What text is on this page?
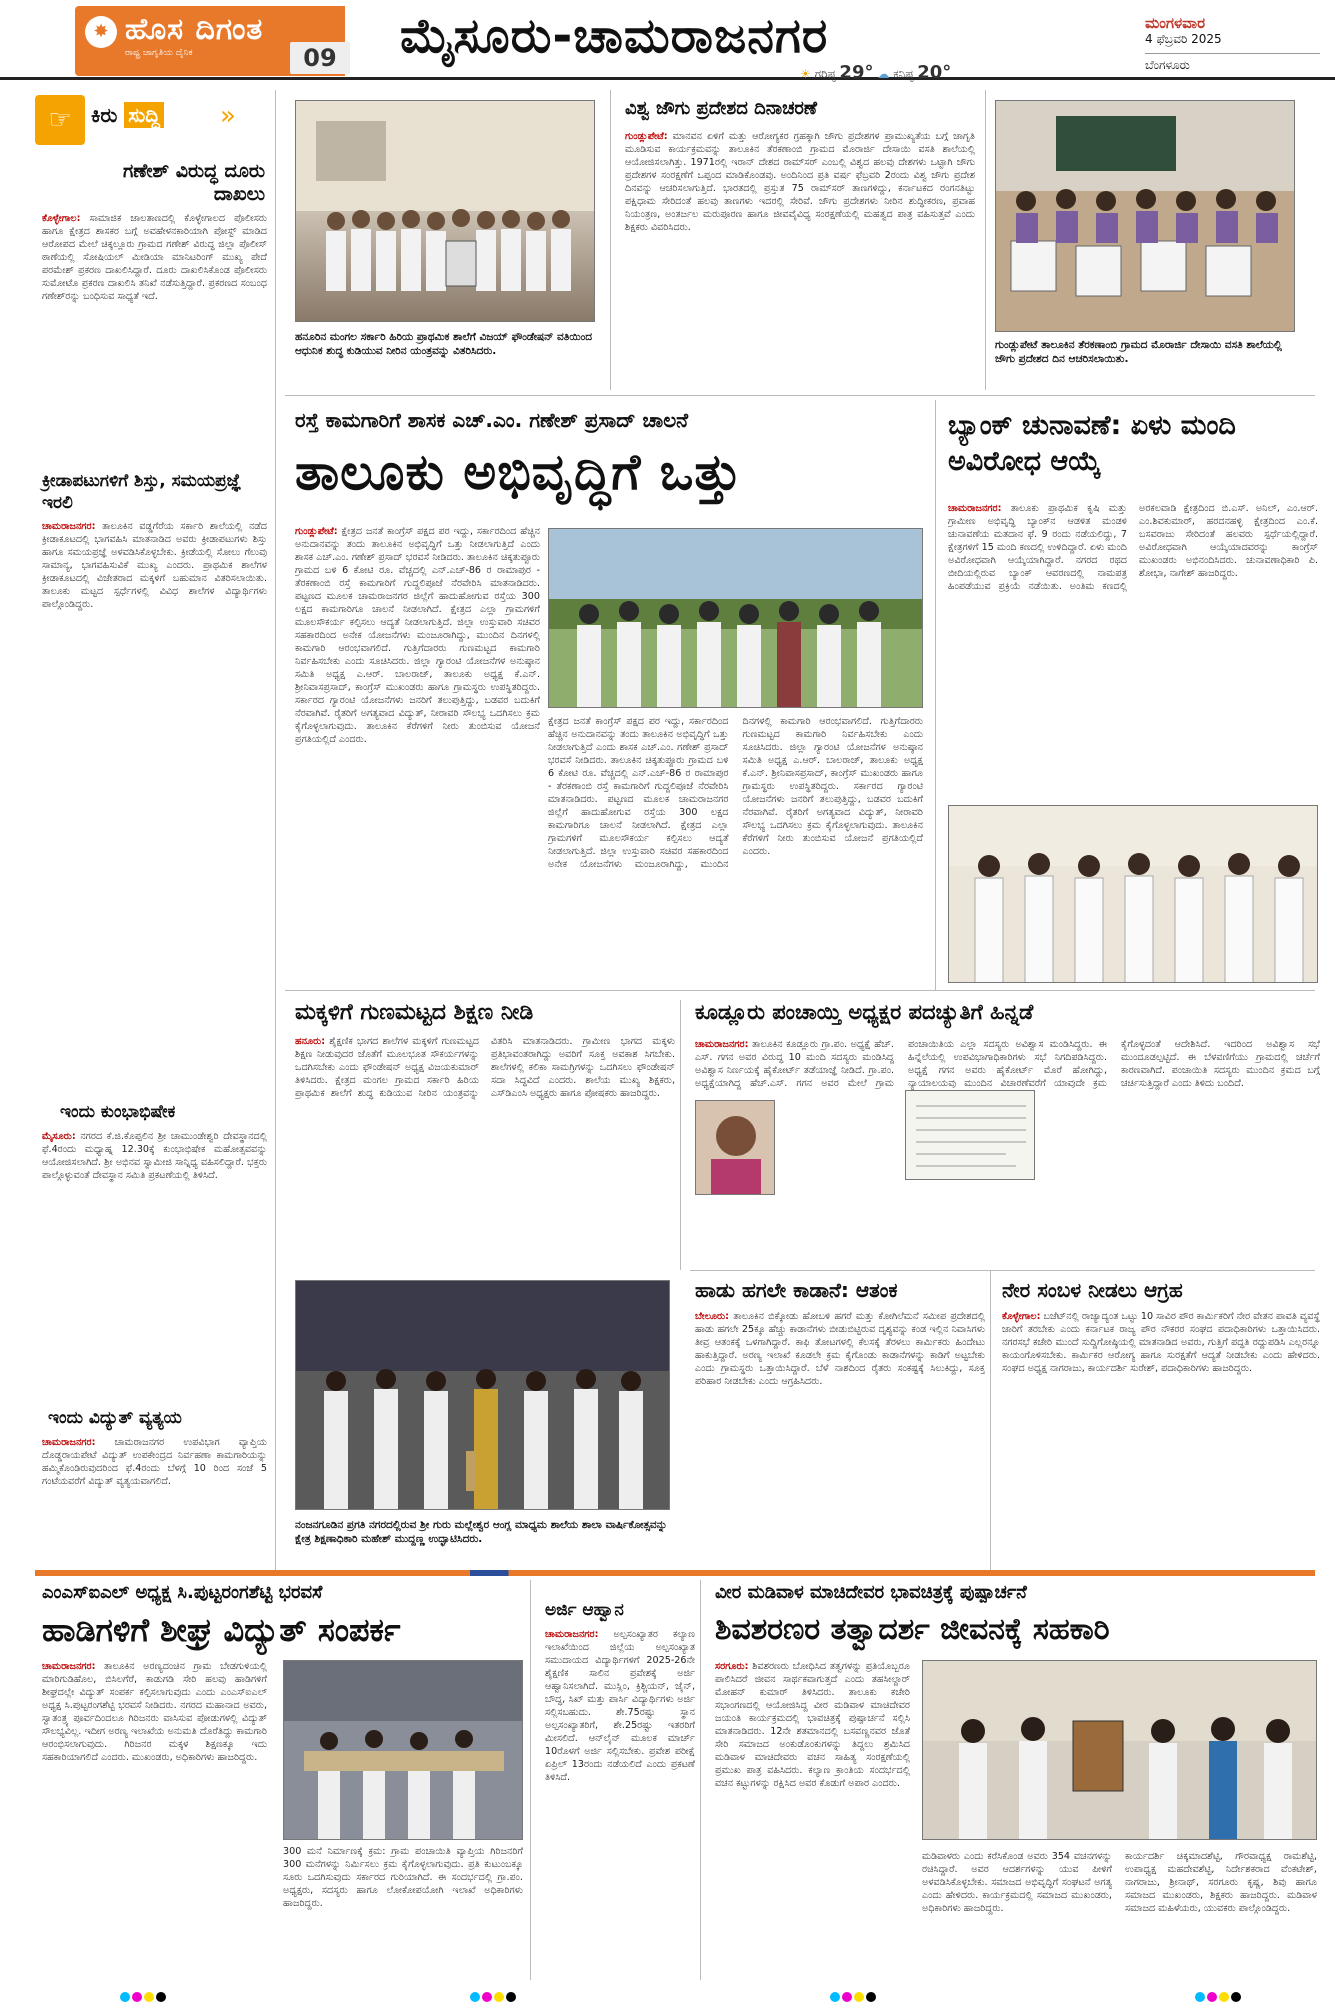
✸ ಹೊಸ ದಿಗಂತ
ರಾಷ್ಟ್ರ ಜಾಗೃತಿಯ ದೈನಿಕ	09 ಮೈಸೂರು-ಚಾಮರಾಜನಗರ
☀ ಗರಿಷ್ಠ 29° ☁ ಕನಿಷ್ಠ 20°
ಮಂಗಳವಾರ
4 ಫೆಬ್ರವರಿ 2025
ಬೆಂಗಳೂರು
☞ ಕಿರು ಸುದ್ದಿ »
ಗಣೇಶ್ ವಿರುದ್ಧ ದೂರು ದಾಖಲು
ಕೊಳ್ಳೇಗಾಲ: ಸಾಮಾಜಿಕ ಜಾಲತಾಣದಲ್ಲಿ ಕೊಳ್ಳೇಗಾಲದ ಪೊಲೀಸರು ಹಾಗೂ ಕ್ಷೇತ್ರದ ಶಾಸಕರ ಬಗ್ಗೆ ಅವಹೇಳನಕಾರಿಯಾಗಿ ಪೋಸ್ಟ್ ಮಾಡಿದ ಆರೋಪದ ಮೇಲೆ ಚಿಕ್ಕಲ್ಲೂರು ಗ್ರಾಮದ ಗಣೇಶ್ ವಿರುದ್ಧ ಜಿಲ್ಲಾ ಪೊಲೀಸ್ ಠಾಣೆಯಲ್ಲಿ ಸೋಷಿಯಲ್ ಮೀಡಿಯಾ ಮಾನಿಟರಿಂಗ್ ಮುಖ್ಯ ಪೇದೆ ಪರಮೇಶ್ ಪ್ರಕರಣ ದಾಖಲಿಸಿದ್ದಾರೆ. ದೂರು ದಾಖಲಿಸಿಕೊಂಡ ಪೊಲೀಸರು ಸುಮೋಟೊ ಪ್ರಕರಣ ದಾಖಲಿಸಿ ತನಿಖೆ ನಡೆಸುತ್ತಿದ್ದಾರೆ. ಪ್ರಕರಣದ ಸಂಬಂಧ ಗಣೇಶ್‌ರನ್ನು ಬಂಧಿಸುವ ಸಾಧ್ಯತೆ ಇದೆ.
ಕ್ರೀಡಾಪಟುಗಳಿಗೆ ಶಿಸ್ತು, ಸಮಯಪ್ರಜ್ಞೆ ಇರಲಿ
ಚಾಮರಾಜನಗರ: ತಾಲೂಕಿನ ವಡ್ಡಗೆರೆಯ ಸರ್ಕಾರಿ ಶಾಲೆಯಲ್ಲಿ ನಡೆದ ಕ್ರೀಡಾಕೂಟದಲ್ಲಿ ಭಾಗವಹಿಸಿ ಮಾತನಾಡಿದ ಅವರು ಕ್ರೀಡಾಪಟುಗಳು ಶಿಸ್ತು ಹಾಗೂ ಸಮಯಪ್ರಜ್ಞೆ ಅಳವಡಿಸಿಕೊಳ್ಳಬೇಕು. ಕ್ರೀಡೆಯಲ್ಲಿ ಸೋಲು ಗೆಲುವು ಸಾಮಾನ್ಯ, ಭಾಗವಹಿಸುವಿಕೆ ಮುಖ್ಯ ಎಂದರು. ಪ್ರಾಥಮಿಕ ಶಾಲೆಗಳ ಕ್ರೀಡಾಕೂಟದಲ್ಲಿ ವಿಜೇತರಾದ ಮಕ್ಕಳಿಗೆ ಬಹುಮಾನ ವಿತರಿಸಲಾಯಿತು. ತಾಲೂಕು ಮಟ್ಟದ ಸ್ಪರ್ಧೆಗಳಲ್ಲಿ ವಿವಿಧ ಶಾಲೆಗಳ ವಿದ್ಯಾರ್ಥಿಗಳು ಪಾಲ್ಗೊಂಡಿದ್ದರು.
ಇಂದು ಕುಂಭಾಭಿಷೇಕ
ಮೈಸೂರು: ನಗರದ ಕೆ.ಜಿ.ಕೊಪ್ಪಲಿನ ಶ್ರೀ ಚಾಮುಂಡೇಶ್ವರಿ ದೇವಸ್ಥಾನದಲ್ಲಿ ಫೆ.4ರಂದು ಮಧ್ಯಾಹ್ನ 12.30ಕ್ಕೆ ಕುಂಭಾಭಿಷೇಕ ಮಹೋತ್ಸವವನ್ನು ಆಯೋಜಿಸಲಾಗಿದೆ. ಶ್ರೀ ಅಭಿನವ ಸ್ವಾಮೀಜಿ ಸಾನ್ನಿಧ್ಯ ವಹಿಸಲಿದ್ದಾರೆ. ಭಕ್ತರು ಪಾಲ್ಗೊಳ್ಳುವಂತೆ ದೇವಸ್ಥಾನ ಸಮಿತಿ ಪ್ರಕಟಣೆಯಲ್ಲಿ ತಿಳಿಸಿದೆ.
ಇಂದು ವಿದ್ಯುತ್ ವ್ಯತ್ಯಯ
ಚಾಮರಾಜನಗರ: ಚಾಮರಾಜನಗರ ಉಪವಿಭಾಗ ವ್ಯಾಪ್ತಿಯ ದೊಡ್ಡರಾಯಪೇಟೆ ವಿದ್ಯುತ್ ಉಪಕೇಂದ್ರದ ನಿರ್ವಹಣಾ ಕಾಮಗಾರಿಯನ್ನು ಹಮ್ಮಿಕೊಂಡಿರುವುದರಿಂದ ಫೆ.4ರಂದು ಬೆಳಗ್ಗೆ 10 ರಿಂದ ಸಂಜೆ 5 ಗಂಟೆಯವರೆಗೆ ವಿದ್ಯುತ್ ವ್ಯತ್ಯಯವಾಗಲಿದೆ.
ಹನೂರಿನ ಮಂಗಲ ಸರ್ಕಾರಿ ಹಿರಿಯ ಪ್ರಾಥಮಿಕ ಶಾಲೆಗೆ ವಿಜಯ್ ಫೌಂಡೇಷನ್ ವತಿಯಿಂದ ಆಧುನಿಕ ಶುದ್ಧ ಕುಡಿಯುವ ನೀರಿನ ಯಂತ್ರವನ್ನು ವಿತರಿಸಿದರು.
ವಿಶ್ವ ಜೌಗು ಪ್ರದೇಶದ ದಿನಾಚರಣೆ
ಗುಂಡ್ಲುಪೇಟೆ: ಮಾನವನ ಏಳಿಗೆ ಮತ್ತು ಆರೋಗ್ಯಕರ ಗ್ರಹಕ್ಕಾಗಿ ಜೌಗು ಪ್ರದೇಶಗಳ ಪ್ರಾಮುಖ್ಯತೆಯ ಬಗ್ಗೆ ಜಾಗೃತಿ ಮೂಡಿಸುವ ಕಾರ್ಯಕ್ರಮವನ್ನು ತಾಲೂಕಿನ ತೆರಕಣಾಂಬಿ ಗ್ರಾಮದ ಮೊರಾರ್ಜಿ ದೇಸಾಯಿ ವಸತಿ ಶಾಲೆಯಲ್ಲಿ ಆಯೋಜಿಸಲಾಗಿತ್ತು. 1971ರಲ್ಲಿ ಇರಾನ್ ದೇಶದ ರಾಮ್‌ಸರ್ ಎಂಬಲ್ಲಿ ವಿಶ್ವದ ಹಲವು ದೇಶಗಳು ಒಟ್ಟಾಗಿ ಜೌಗು ಪ್ರದೇಶಗಳ ಸಂರಕ್ಷಣೆಗೆ ಒಪ್ಪಂದ ಮಾಡಿಕೊಂಡವು. ಅಂದಿನಿಂದ ಪ್ರತಿ ವರ್ಷ ಫೆಬ್ರವರಿ 2ರಂದು ವಿಶ್ವ ಜೌಗು ಪ್ರದೇಶ ದಿನವನ್ನು ಆಚರಿಸಲಾಗುತ್ತಿದೆ. ಭಾರತದಲ್ಲಿ ಪ್ರಸ್ತುತ 75 ರಾಮ್‌ಸರ್ ತಾಣಗಳಿದ್ದು, ಕರ್ನಾಟಕದ ರಂಗನತಿಟ್ಟು ಪಕ್ಷಿಧಾಮ ಸೇರಿದಂತೆ ಹಲವು ತಾಣಗಳು ಇದರಲ್ಲಿ ಸೇರಿವೆ. ಜೌಗು ಪ್ರದೇಶಗಳು ನೀರಿನ ಶುದ್ಧೀಕರಣ, ಪ್ರವಾಹ ನಿಯಂತ್ರಣ, ಅಂತರ್ಜಲ ಮರುಪೂರಣ ಹಾಗೂ ಜೀವವೈವಿಧ್ಯ ಸಂರಕ್ಷಣೆಯಲ್ಲಿ ಮಹತ್ವದ ಪಾತ್ರ ವಹಿಸುತ್ತವೆ ಎಂದು ಶಿಕ್ಷಕರು ವಿವರಿಸಿದರು.
ಗುಂಡ್ಲುಪೇಟೆ ತಾಲೂಕಿನ ತೆರಕಣಾಂಬಿ ಗ್ರಾಮದ ಮೊರಾರ್ಜಿ ದೇಸಾಯಿ ವಸತಿ ಶಾಲೆಯಲ್ಲಿ ಜೌಗು ಪ್ರದೇಶದ ದಿನ ಆಚರಿಸಲಾಯಿತು.
ರಸ್ತೆ ಕಾಮಗಾರಿಗೆ ಶಾಸಕ ಎಚ್.ಎಂ. ಗಣೇಶ್ ಪ್ರಸಾದ್ ಚಾಲನೆ
ತಾಲೂಕು ಅಭಿವೃದ್ಧಿಗೆ ಒತ್ತು
ಗುಂಡ್ಲುಪೇಟೆ: ಕ್ಷೇತ್ರದ ಜನತೆ ಕಾಂಗ್ರೆಸ್ ಪಕ್ಷದ ಪರ ಇದ್ದು, ಸರ್ಕಾರದಿಂದ ಹೆಚ್ಚಿನ ಅನುದಾನವನ್ನು ತಂದು ತಾಲೂಕಿನ ಅಭಿವೃದ್ಧಿಗೆ ಒತ್ತು ನೀಡಲಾಗುತ್ತಿದೆ ಎಂದು ಶಾಸಕ ಎಚ್.ಎಂ. ಗಣೇಶ್ ಪ್ರಸಾದ್ ಭರವಸೆ ನೀಡಿದರು. ತಾಲೂಕಿನ ಚಿಕ್ಕತುಪ್ಪೂರು ಗ್ರಾಮದ ಬಳಿ 6 ಕೋಟಿ ರೂ. ವೆಚ್ಚದಲ್ಲಿ ಎನ್.ಎಚ್-86 ರ ರಾಮಾಪುರ - ತೆರಕಣಾಂಬಿ ರಸ್ತೆ ಕಾಮಗಾರಿಗೆ ಗುದ್ದಲಿಪೂಜೆ ನೆರವೇರಿಸಿ ಮಾತನಾಡಿದರು. ಪಟ್ಟಣದ ಮೂಲಕ ಚಾಮರಾಜನಗರ ಜಿಲ್ಲೆಗೆ ಹಾದುಹೋಗುವ ರಸ್ತೆಯ 300 ಲಕ್ಷದ ಕಾಮಗಾರಿಗೂ ಚಾಲನೆ ನೀಡಲಾಗಿದೆ. ಕ್ಷೇತ್ರದ ಎಲ್ಲಾ ಗ್ರಾಮಗಳಿಗೆ ಮೂಲಸೌಕರ್ಯ ಕಲ್ಪಿಸಲು ಆದ್ಯತೆ ನೀಡಲಾಗುತ್ತಿದೆ. ಜಿಲ್ಲಾ ಉಸ್ತುವಾರಿ ಸಚಿವರ ಸಹಕಾರದಿಂದ ಅನೇಕ ಯೋಜನೆಗಳು ಮಂಜೂರಾಗಿದ್ದು, ಮುಂದಿನ ದಿನಗಳಲ್ಲಿ ಕಾಮಗಾರಿ ಆರಂಭವಾಗಲಿದೆ. ಗುತ್ತಿಗೆದಾರರು ಗುಣಮಟ್ಟದ ಕಾಮಗಾರಿ ನಿರ್ವಹಿಸಬೇಕು ಎಂದು ಸೂಚಿಸಿದರು. ಜಿಲ್ಲಾ ಗ್ಯಾರಂಟಿ ಯೋಜನೆಗಳ ಅನುಷ್ಠಾನ ಸಮಿತಿ ಅಧ್ಯಕ್ಷ ಎ.ಆರ್. ಬಾಲರಾಜ್, ತಾಲೂಕು ಅಧ್ಯಕ್ಷ ಕೆ.ಎನ್. ಶ್ರೀನಿವಾಸಪ್ರಸಾದ್, ಕಾಂಗ್ರೆಸ್ ಮುಖಂಡರು ಹಾಗೂ ಗ್ರಾಮಸ್ಥರು ಉಪಸ್ಥಿತರಿದ್ದರು. ಸರ್ಕಾರದ ಗ್ಯಾರಂಟಿ ಯೋಜನೆಗಳು ಜನರಿಗೆ ತಲುಪುತ್ತಿದ್ದು, ಬಡವರ ಬದುಕಿಗೆ ನೆರವಾಗಿವೆ. ರೈತರಿಗೆ ಅಗತ್ಯವಾದ ವಿದ್ಯುತ್, ನೀರಾವರಿ ಸೌಲಭ್ಯ ಒದಗಿಸಲು ಕ್ರಮ ಕೈಗೊಳ್ಳಲಾಗುವುದು. ತಾಲೂಕಿನ ಕೆರೆಗಳಿಗೆ ನೀರು ತುಂಬಿಸುವ ಯೋಜನೆ ಪ್ರಗತಿಯಲ್ಲಿದೆ ಎಂದರು.
ಕ್ಷೇತ್ರದ ಜನತೆ ಕಾಂಗ್ರೆಸ್ ಪಕ್ಷದ ಪರ ಇದ್ದು, ಸರ್ಕಾರದಿಂದ ಹೆಚ್ಚಿನ ಅನುದಾನವನ್ನು ತಂದು ತಾಲೂಕಿನ ಅಭಿವೃದ್ಧಿಗೆ ಒತ್ತು ನೀಡಲಾಗುತ್ತಿದೆ ಎಂದು ಶಾಸಕ ಎಚ್.ಎಂ. ಗಣೇಶ್ ಪ್ರಸಾದ್ ಭರವಸೆ ನೀಡಿದರು. ತಾಲೂಕಿನ ಚಿಕ್ಕತುಪ್ಪೂರು ಗ್ರಾಮದ ಬಳಿ 6 ಕೋಟಿ ರೂ. ವೆಚ್ಚದಲ್ಲಿ ಎನ್.ಎಚ್-86 ರ ರಾಮಾಪುರ - ತೆರಕಣಾಂಬಿ ರಸ್ತೆ ಕಾಮಗಾರಿಗೆ ಗುದ್ದಲಿಪೂಜೆ ನೆರವೇರಿಸಿ ಮಾತನಾಡಿದರು. ಪಟ್ಟಣದ ಮೂಲಕ ಚಾಮರಾಜನಗರ ಜಿಲ್ಲೆಗೆ ಹಾದುಹೋಗುವ ರಸ್ತೆಯ 300 ಲಕ್ಷದ ಕಾಮಗಾರಿಗೂ ಚಾಲನೆ ನೀಡಲಾಗಿದೆ. ಕ್ಷೇತ್ರದ ಎಲ್ಲಾ ಗ್ರಾಮಗಳಿಗೆ ಮೂಲಸೌಕರ್ಯ ಕಲ್ಪಿಸಲು ಆದ್ಯತೆ ನೀಡಲಾಗುತ್ತಿದೆ. ಜಿಲ್ಲಾ ಉಸ್ತುವಾರಿ ಸಚಿವರ ಸಹಕಾರದಿಂದ ಅನೇಕ ಯೋಜನೆಗಳು ಮಂಜೂರಾಗಿದ್ದು, ಮುಂದಿನ ದಿನಗಳಲ್ಲಿ ಕಾಮಗಾರಿ ಆರಂಭವಾಗಲಿದೆ. ಗುತ್ತಿಗೆದಾರರು ಗುಣಮಟ್ಟದ ಕಾಮಗಾರಿ ನಿರ್ವಹಿಸಬೇಕು ಎಂದು ಸೂಚಿಸಿದರು. ಜಿಲ್ಲಾ ಗ್ಯಾರಂಟಿ ಯೋಜನೆಗಳ ಅನುಷ್ಠಾನ ಸಮಿತಿ ಅಧ್ಯಕ್ಷ ಎ.ಆರ್. ಬಾಲರಾಜ್, ತಾಲೂಕು ಅಧ್ಯಕ್ಷ ಕೆ.ಎನ್. ಶ್ರೀನಿವಾಸಪ್ರಸಾದ್, ಕಾಂಗ್ರೆಸ್ ಮುಖಂಡರು ಹಾಗೂ ಗ್ರಾಮಸ್ಥರು ಉಪಸ್ಥಿತರಿದ್ದರು. ಸರ್ಕಾರದ ಗ್ಯಾರಂಟಿ ಯೋಜನೆಗಳು ಜನರಿಗೆ ತಲುಪುತ್ತಿದ್ದು, ಬಡವರ ಬದುಕಿಗೆ ನೆರವಾಗಿವೆ. ರೈತರಿಗೆ ಅಗತ್ಯವಾದ ವಿದ್ಯುತ್, ನೀರಾವರಿ ಸೌಲಭ್ಯ ಒದಗಿಸಲು ಕ್ರಮ ಕೈಗೊಳ್ಳಲಾಗುವುದು. ತಾಲೂಕಿನ ಕೆರೆಗಳಿಗೆ ನೀರು ತುಂಬಿಸುವ ಯೋಜನೆ ಪ್ರಗತಿಯಲ್ಲಿದೆ ಎಂದರು.
ಬ್ಯಾಂಕ್ ಚುನಾವಣೆ: ಏಳು ಮಂದಿ ಅವಿರೋಧ ಆಯ್ಕೆ
ಚಾಮರಾಜನಗರ: ತಾಲೂಕು ಪ್ರಾಥಮಿಕ ಕೃಷಿ ಮತ್ತು ಗ್ರಾಮೀಣ ಅಭಿವೃದ್ಧಿ ಬ್ಯಾಂಕ್‌ನ ಆಡಳಿತ ಮಂಡಳಿ ಚುನಾವಣೆಯ ಮತದಾನ ಫೆ. 9 ರಂದು ನಡೆಯಲಿದ್ದು, 7 ಕ್ಷೇತ್ರಗಳಿಗೆ 15 ಮಂದಿ ಕಣದಲ್ಲಿ ಉಳಿದಿದ್ದಾರೆ. ಏಳು ಮಂದಿ ಅವಿರೋಧವಾಗಿ ಆಯ್ಕೆಯಾಗಿದ್ದಾರೆ. ನಗರದ ರಥದ ಬೀದಿಯಲ್ಲಿರುವ ಬ್ಯಾಂಕ್ ಆವರಣದಲ್ಲಿ ನಾಮಪತ್ರ ಹಿಂಪಡೆಯುವ ಪ್ರಕ್ರಿಯೆ ನಡೆಯಿತು. ಅಂತಿಮ ಕಣದಲ್ಲಿ ಅರಕಲವಾಡಿ ಕ್ಷೇತ್ರದಿಂದ ಬಿ.ಎಸ್. ಅನಿಲ್, ಎಂ.ಆರ್. ಎಂ.ಶಿವಕುಮಾರ್, ಹರದನಹಳ್ಳಿ ಕ್ಷೇತ್ರದಿಂದ ಎಂ.ಕೆ. ಬಸವರಾಜು ಸೇರಿದಂತೆ ಹಲವರು ಸ್ಪರ್ಧೆಯಲ್ಲಿದ್ದಾರೆ. ಅವಿರೋಧವಾಗಿ ಆಯ್ಕೆಯಾದವರನ್ನು ಕಾಂಗ್ರೆಸ್ ಮುಖಂಡರು ಅಭಿನಂದಿಸಿದರು. ಚುನಾವಣಾಧಿಕಾರಿ ಪಿ. ಶೋಭಾ, ನಾಗೇಶ್ ಹಾಜರಿದ್ದರು.
ಮಕ್ಕಳಿಗೆ ಗುಣಮಟ್ಟದ ಶಿಕ್ಷಣ ನೀಡಿ
ಹನೂರು: ಶೈಕ್ಷಣಿಕ ಭಾಗದ ಶಾಲೆಗಳ ಮಕ್ಕಳಿಗೆ ಗುಣಮಟ್ಟದ ಶಿಕ್ಷಣ ನೀಡುವುದರ ಜೊತೆಗೆ ಮೂಲಭೂತ ಸೌಕರ್ಯಗಳನ್ನು ಒದಗಿಸಬೇಕು ಎಂದು ಫೌಂಡೇಷನ್ ಅಧ್ಯಕ್ಷ ವಿಜಯಕುಮಾರ್ ತಿಳಿಸಿದರು. ಕ್ಷೇತ್ರದ ಮಂಗಲ ಗ್ರಾಮದ ಸರ್ಕಾರಿ ಹಿರಿಯ ಪ್ರಾಥಮಿಕ ಶಾಲೆಗೆ ಶುದ್ಧ ಕುಡಿಯುವ ನೀರಿನ ಯಂತ್ರವನ್ನು ವಿತರಿಸಿ ಮಾತನಾಡಿದರು. ಗ್ರಾಮೀಣ ಭಾಗದ ಮಕ್ಕಳು ಪ್ರತಿಭಾವಂತರಾಗಿದ್ದು ಅವರಿಗೆ ಸೂಕ್ತ ಅವಕಾಶ ಸಿಗಬೇಕು. ಶಾಲೆಗಳಲ್ಲಿ ಕಲಿಕಾ ಸಾಮಗ್ರಿಗಳನ್ನು ಒದಗಿಸಲು ಫೌಂಡೇಷನ್ ಸದಾ ಸಿದ್ಧವಿದೆ ಎಂದರು. ಶಾಲೆಯ ಮುಖ್ಯ ಶಿಕ್ಷಕರು, ಎಸ್‌ಡಿಎಂಸಿ ಅಧ್ಯಕ್ಷರು ಹಾಗೂ ಪೋಷಕರು ಹಾಜರಿದ್ದರು.
ಕೂಡ್ಲೂರು ಪಂಚಾಯ್ತಿ ಅಧ್ಯಕ್ಷರ ಪದಚ್ಯುತಿಗೆ ಹಿನ್ನಡೆ
ಚಾಮರಾಜನಗರ: ತಾಲೂಕಿನ ಕೂಡ್ಲೂರು ಗ್ರಾ.ಪಂ. ಅಧ್ಯಕ್ಷೆ ಹೆಚ್. ಎಸ್. ಗಗನ ಅವರ ವಿರುದ್ಧ 10 ಮಂದಿ ಸದಸ್ಯರು ಮಂಡಿಸಿದ್ದ ಅವಿಶ್ವಾಸ ನಿರ್ಣಯಕ್ಕೆ ಹೈಕೋರ್ಟ್ ತಡೆಯಾಜ್ಞೆ ನೀಡಿದೆ. ಗ್ರಾ.ಪಂ. ಅಧ್ಯಕ್ಷೆಯಾಗಿದ್ದ ಹೆಚ್.ಎಸ್. ಗಗನ ಅವರ ಮೇಲೆ ಗ್ರಾಮ ಪಂಚಾಯಿತಿಯ ಎಲ್ಲಾ ಸದಸ್ಯರು ಅವಿಶ್ವಾಸ ಮಂಡಿಸಿದ್ದರು. ಈ ಹಿನ್ನೆಲೆಯಲ್ಲಿ ಉಪವಿಭಾಗಾಧಿಕಾರಿಗಳು ಸಭೆ ನಿಗದಿಪಡಿಸಿದ್ದರು. ಅಧ್ಯಕ್ಷೆ ಗಗನ ಅವರು ಹೈಕೋರ್ಟ್ ಮೊರೆ ಹೋಗಿದ್ದು, ನ್ಯಾಯಾಲಯವು ಮುಂದಿನ ವಿಚಾರಣೆವರೆಗೆ ಯಾವುದೇ ಕ್ರಮ ಕೈಗೊಳ್ಳದಂತೆ ಆದೇಶಿಸಿದೆ. ಇದರಿಂದ ಅವಿಶ್ವಾಸ ಸಭೆ ಮುಂದೂಡಲ್ಪಟ್ಟಿದೆ. ಈ ಬೆಳವಣಿಗೆಯು ಗ್ರಾಮದಲ್ಲಿ ಚರ್ಚೆಗೆ ಕಾರಣವಾಗಿದೆ. ಪಂಚಾಯಿತಿ ಸದಸ್ಯರು ಮುಂದಿನ ಕ್ರಮದ ಬಗ್ಗೆ ಚರ್ಚಿಸುತ್ತಿದ್ದಾರೆ ಎಂದು ತಿಳಿದು ಬಂದಿದೆ.
ನಂಜನಗೂಡಿನ ಪ್ರಗತಿ ನಗರದಲ್ಲಿರುವ ಶ್ರೀ ಗುರು ಮಲ್ಲೇಶ್ವರ ಆಂಗ್ಲ ಮಾಧ್ಯಮ ಶಾಲೆಯ ಶಾಲಾ ವಾರ್ಷಿಕೋತ್ಸವನ್ನು ಕ್ಷೇತ್ರ ಶಿಕ್ಷಣಾಧಿಕಾರಿ ಮಹೇಶ್ ಮುದ್ದಣ್ಣ ಉದ್ಘಾಟಿಸಿದರು.
ಹಾಡು ಹಗಲೇ ಕಾಡಾನೆ: ಆತಂಕ
ಬೇಲೂರು: ತಾಲೂಕಿನ ಬಿಕ್ಕೋಡು ಹೋಬಳಿ ಹಗರೆ ಮತ್ತು ಕೋಗಿಲೆಮನೆ ಸಮೀಪ ಪ್ರದೇಶದಲ್ಲಿ ಹಾಡು ಹಗಲೇ 25ಕ್ಕೂ ಹೆಚ್ಚು ಕಾಡಾನೆಗಳು ಬೀಡುಬಿಟ್ಟಿರುವ ದೃಶ್ಯವನ್ನು ಕಂಡ ಇಲ್ಲಿನ ನಿವಾಸಿಗಳು ತೀವ್ರ ಆತಂಕಕ್ಕೆ ಒಳಗಾಗಿದ್ದಾರೆ. ಕಾಫಿ ತೋಟಗಳಲ್ಲಿ ಕೆಲಸಕ್ಕೆ ತೆರಳಲು ಕಾರ್ಮಿಕರು ಹಿಂದೇಟು ಹಾಕುತ್ತಿದ್ದಾರೆ. ಅರಣ್ಯ ಇಲಾಖೆ ಕೂಡಲೇ ಕ್ರಮ ಕೈಗೊಂಡು ಕಾಡಾನೆಗಳನ್ನು ಕಾಡಿಗೆ ಅಟ್ಟಬೇಕು ಎಂದು ಗ್ರಾಮಸ್ಥರು ಒತ್ತಾಯಿಸಿದ್ದಾರೆ. ಬೆಳೆ ನಾಶದಿಂದ ರೈತರು ಸಂಕಷ್ಟಕ್ಕೆ ಸಿಲುಕಿದ್ದು, ಸೂಕ್ತ ಪರಿಹಾರ ನೀಡಬೇಕು ಎಂದು ಆಗ್ರಹಿಸಿದರು.
ನೇರ ಸಂಬಳ ನೀಡಲು ಆಗ್ರಹ
ಕೊಳ್ಳೇಗಾಲ: ಬಜೆಟ್‌ನಲ್ಲಿ ರಾಜ್ಯಾದ್ಯಂತ ಒಟ್ಟು 10 ಸಾವಿರ ಪೌರ ಕಾರ್ಮಿಕರಿಗೆ ನೇರ ವೇತನ ಪಾವತಿ ವ್ಯವಸ್ಥೆ ಜಾರಿಗೆ ತರಬೇಕು ಎಂದು ಕರ್ನಾಟಕ ರಾಜ್ಯ ಪೌರ ನೌಕರರ ಸಂಘದ ಪದಾಧಿಕಾರಿಗಳು ಒತ್ತಾಯಿಸಿದರು. ನಗರಸಭೆ ಕಚೇರಿ ಮುಂದೆ ಸುದ್ದಿಗೋಷ್ಠಿಯಲ್ಲಿ ಮಾತನಾಡಿದ ಅವರು, ಗುತ್ತಿಗೆ ಪದ್ಧತಿ ರದ್ದುಪಡಿಸಿ ಎಲ್ಲರನ್ನೂ ಕಾಯಂಗೊಳಿಸಬೇಕು. ಕಾರ್ಮಿಕರ ಆರೋಗ್ಯ ಹಾಗೂ ಸುರಕ್ಷತೆಗೆ ಆದ್ಯತೆ ನೀಡಬೇಕು ಎಂದು ಹೇಳಿದರು. ಸಂಘದ ಅಧ್ಯಕ್ಷ ನಾಗರಾಜು, ಕಾರ್ಯದರ್ಶಿ ಸುರೇಶ್, ಪದಾಧಿಕಾರಿಗಳು ಹಾಜರಿದ್ದರು.
ಎಂಎಸ್‌ಐಎಲ್ ಅಧ್ಯಕ್ಷ ಸಿ.ಪುಟ್ಟರಂಗಶೆಟ್ಟಿ ಭರವಸೆ
ಹಾಡಿಗಳಿಗೆ ಶೀಘ್ರ ವಿದ್ಯುತ್ ಸಂಪರ್ಕ
ಚಾಮರಾಜನಗರ: ತಾಲೂಕಿನ ಅರಣ್ಯದಂಚಿನ ಗ್ರಾಮ ಬೇಡಗುಳಿಯಲ್ಲಿ ಮಾರಿಗುಡಿಹೊಲ, ಬಿಸಿಲಗೆರೆ, ಕಾಡುಗಡಿ ಸೇರಿ ಹಲವು ಹಾಡಿಗಳಿಗೆ ಶೀಘ್ರದಲ್ಲೇ ವಿದ್ಯುತ್ ಸಂಪರ್ಕ ಕಲ್ಪಿಸಲಾಗುವುದು ಎಂದು ಎಂಎಸ್‌ಐಎಲ್ ಅಧ್ಯಕ್ಷ ಸಿ.ಪುಟ್ಟರಂಗಶೆಟ್ಟಿ ಭರವಸೆ ನೀಡಿದರು. ನಗರದ ಮಹಾನಾದ ಅವರು, ಸ್ವಾತಂತ್ರ್ಯ ಪೂರ್ವದಿಂದಲೂ ಗಿರಿಜನರು ವಾಸಿಸುವ ಪೋಡುಗಳಲ್ಲಿ ವಿದ್ಯುತ್ ಸೌಲಭ್ಯವಿಲ್ಲ. ಇದೀಗ ಅರಣ್ಯ ಇಲಾಖೆಯ ಅನುಮತಿ ದೊರೆತಿದ್ದು ಕಾಮಗಾರಿ ಆರಂಭಿಸಲಾಗುವುದು. ಗಿರಿಜನರ ಮಕ್ಕಳ ಶಿಕ್ಷಣಕ್ಕೂ ಇದು ಸಹಕಾರಿಯಾಗಲಿದೆ ಎಂದರು. ಮುಖಂಡರು, ಅಧಿಕಾರಿಗಳು ಹಾಜರಿದ್ದರು.
300 ಮನೆ ನಿರ್ಮಾಣಕ್ಕೆ ಕ್ರಮ: ಗ್ರಾಮ ಪಂಚಾಯಿತಿ ವ್ಯಾಪ್ತಿಯ ಗಿರಿಜನರಿಗೆ 300 ಮನೆಗಳನ್ನು ನಿರ್ಮಿಸಲು ಕ್ರಮ ಕೈಗೊಳ್ಳಲಾಗುವುದು. ಪ್ರತಿ ಕುಟುಂಬಕ್ಕೂ ಸೂರು ಒದಗಿಸುವುದು ಸರ್ಕಾರದ ಗುರಿಯಾಗಿದೆ. ಈ ಸಂದರ್ಭದಲ್ಲಿ ಗ್ರಾ.ಪಂ. ಅಧ್ಯಕ್ಷರು, ಸದಸ್ಯರು ಹಾಗೂ ಲೋಕೋಪಯೋಗಿ ಇಲಾಖೆ ಅಧಿಕಾರಿಗಳು ಹಾಜರಿದ್ದರು.
ಅರ್ಜಿ ಆಹ್ವಾನ
ಚಾಮರಾಜನಗರ: ಅಲ್ಪಸಂಖ್ಯಾತರ ಕಲ್ಯಾಣ ಇಲಾಖೆಯಿಂದ ಜಿಲ್ಲೆಯ ಅಲ್ಪಸಂಖ್ಯಾತ ಸಮುದಾಯದ ವಿದ್ಯಾರ್ಥಿಗಳಿಗೆ 2025-26ನೇ ಶೈಕ್ಷಣಿಕ ಸಾಲಿನ ಪ್ರವೇಶಕ್ಕೆ ಅರ್ಜಿ ಆಹ್ವಾನಿಸಲಾಗಿದೆ. ಮುಸ್ಲಿಂ, ಕ್ರಿಶ್ಚಿಯನ್, ಜೈನ್, ಬೌದ್ಧ, ಸಿಖ್ ಮತ್ತು ಪಾರ್ಸಿ ವಿದ್ಯಾರ್ಥಿಗಳು ಅರ್ಜಿ ಸಲ್ಲಿಸಬಹುದು. ಶೇ.75ರಷ್ಟು ಸ್ಥಾನ ಅಲ್ಪಸಂಖ್ಯಾತರಿಗೆ, ಶೇ.25ರಷ್ಟು ಇತರರಿಗೆ ಮೀಸಲಿದೆ. ಆನ್‌ಲೈನ್ ಮೂಲಕ ಮಾರ್ಚ್ 10ರೊಳಗೆ ಅರ್ಜಿ ಸಲ್ಲಿಸಬೇಕು. ಪ್ರವೇಶ ಪರೀಕ್ಷೆ ಏಪ್ರಿಲ್ 13ರಂದು ನಡೆಯಲಿದೆ ಎಂದು ಪ್ರಕಟಣೆ ತಿಳಿಸಿದೆ.
ವೀರ ಮಡಿವಾಳ ಮಾಚಿದೇವರ ಭಾವಚಿತ್ರಕ್ಕೆ ಪುಷ್ಪಾರ್ಚನೆ
ಶಿವಶರಣರ ತತ್ವಾದರ್ಶ ಜೀವನಕ್ಕೆ ಸಹಕಾರಿ
ಸರಗೂರು: ಶಿವಶರಣರು ಬೋಧಿಸಿದ ತತ್ವಗಳನ್ನು ಪ್ರತಿಯೊಬ್ಬರೂ ಪಾಲಿಸಿದರೆ ಜೀವನ ಸಾರ್ಥಕವಾಗುತ್ತದೆ ಎಂದು ತಹಸೀಲ್ದಾರ್ ಮೋಹನ್ ಕುಮಾರ್ ತಿಳಿಸಿದರು. ತಾಲೂಕು ಕಚೇರಿ ಸಭಾಂಗಣದಲ್ಲಿ ಆಯೋಜಿಸಿದ್ದ ವೀರ ಮಡಿವಾಳ ಮಾಚಿದೇವರ ಜಯಂತಿ ಕಾರ್ಯಕ್ರಮದಲ್ಲಿ ಭಾವಚಿತ್ರಕ್ಕೆ ಪುಷ್ಪಾರ್ಚನೆ ಸಲ್ಲಿಸಿ ಮಾತನಾಡಿದರು. 12ನೇ ಶತಮಾನದಲ್ಲಿ ಬಸವಣ್ಣನವರ ಜೊತೆ ಸೇರಿ ಸಮಾಜದ ಅಂಕುಡೊಂಕುಗಳನ್ನು ತಿದ್ದಲು ಶ್ರಮಿಸಿದ ಮಡಿವಾಳ ಮಾಚಿದೇವರು ವಚನ ಸಾಹಿತ್ಯ ಸಂರಕ್ಷಣೆಯಲ್ಲಿ ಪ್ರಮುಖ ಪಾತ್ರ ವಹಿಸಿದರು. ಕಲ್ಯಾಣ ಕ್ರಾಂತಿಯ ಸಂದರ್ಭದಲ್ಲಿ ವಚನ ಕಟ್ಟುಗಳನ್ನು ರಕ್ಷಿಸಿದ ಅವರ ಕೊಡುಗೆ ಅಪಾರ ಎಂದರು.
ಮಡಿವಾಳರು ಎಂದು ಕರೆಸಿಕೊಂಡ ಅವರು 354 ವಚನಗಳನ್ನು ರಚಿಸಿದ್ದಾರೆ. ಅವರ ಆದರ್ಶಗಳನ್ನು ಯುವ ಪೀಳಿಗೆ ಅಳವಡಿಸಿಕೊಳ್ಳಬೇಕು. ಸಮಾಜದ ಅಭಿವೃದ್ಧಿಗೆ ಸಂಘಟನೆ ಅಗತ್ಯ ಎಂದು ಹೇಳಿದರು. ಕಾರ್ಯಕ್ರಮದಲ್ಲಿ ಸಮಾಜದ ಮುಖಂಡರು, ಅಧಿಕಾರಿಗಳು ಹಾಜರಿದ್ದರು.
ಕಾರ್ಯದರ್ಶಿ ಚಿಕ್ಕಮಾದಶೆಟ್ಟಿ, ಗೌರವಾಧ್ಯಕ್ಷ ರಾಮಶೆಟ್ಟಿ, ಉಪಾಧ್ಯಕ್ಷ ಮಹದೇವಶೆಟ್ಟಿ, ನಿರ್ದೇಶಕರಾದ ವೆಂಕಟೇಶ್, ನಾಗರಾಜು, ಶ್ರೀನಾಥ್, ಸರಗೂರು ಕೃಷ್ಣ, ಶಿವು ಹಾಗೂ ಸಮಾಜದ ಮುಖಂಡರು, ಶಿಕ್ಷಕರು ಹಾಜರಿದ್ದರು. ಮಡಿವಾಳ ಸಮಾಜದ ಮಹಿಳೆಯರು, ಯುವಕರು ಪಾಲ್ಗೊಂಡಿದ್ದರು.
